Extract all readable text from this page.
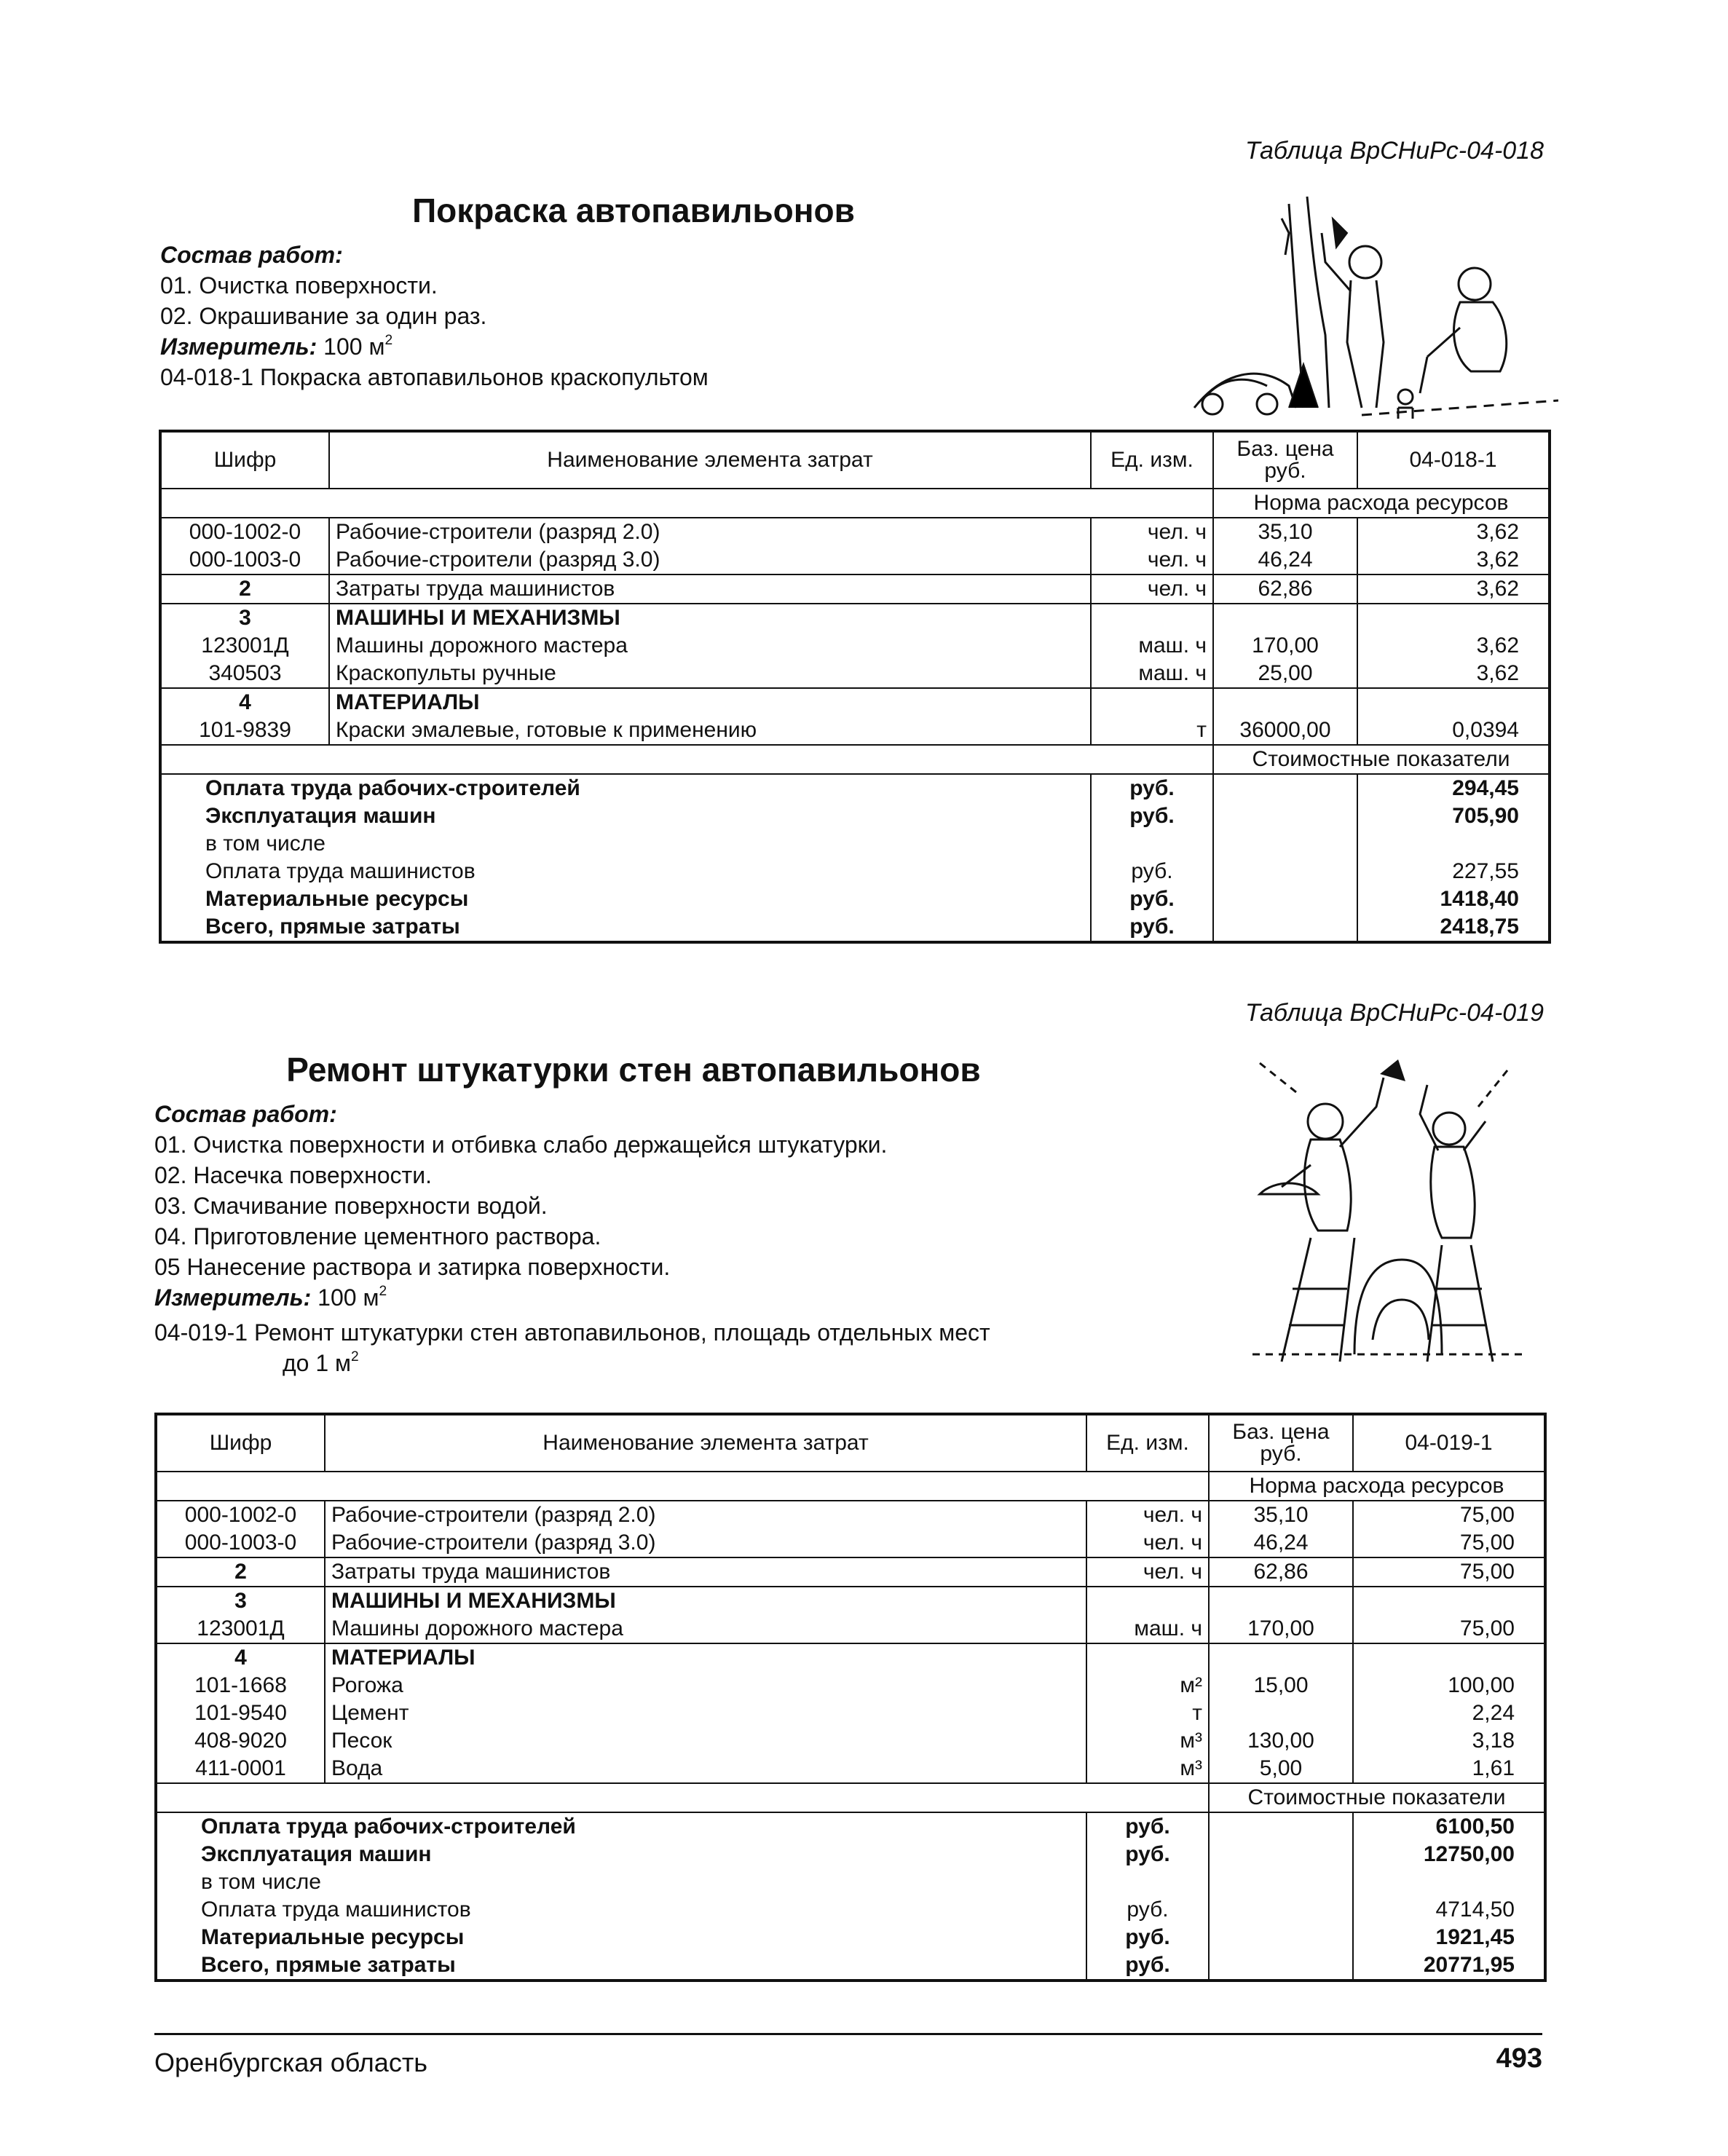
Таблица ВрСНиРс-04-018
Покраска автопавильонов
Состав работ:
01. Очистка поверхности.
02. Окрашивание за один раз.
Измеритель: 100 $м^2$
04-018-1 Покраска автопавильонов краскопультом
Шифр	Наименование элемента затрат	Ед. изм.	Баз. цена руб.	04-018-1
			Норма расхода ресурсов	
000-1002-0	Рабочие-строители (разряд 2.0)	чел. ч	35,10	3,62
000-1003-0	Рабочие-строители (разряд 3.0)	чел. ч	46,24	3,62
2	Затраты труда машинистов	чел. ч	62,86	3,62
3	МАШИНЫ И МЕХАНИЗМЫ			
123001Д	Машины дорожного мастера	маш. ч	170,00	3,62
340503	Краскопульты ручные	маш. ч	25,00	3,62
4	МАТЕРИАЛЫ			
101-9839	Краски эмалевые, готовые к применению	т	36000,00	0,0394
			Стоимостные показатели	
Оплата труда рабочих-строителей		руб.		294,45
Эксплуатация машин		руб.		705,90
в том числе				
Оплата труда машинистов		руб.		227,55
Материальные ресурсы		руб.		1418,40
Всего, прямые затраты		руб.		2418,75
Таблица ВрСНиРс-04-019
Ремонт штукатурки стен автопавильонов
Состав работ:
01. Очистка поверхности и отбивка слабо держащейся штукатурки.
02. Насечка поверхности.
03. Смачивание поверхности водой.
04. Приготовление цементного раствора.
05 Нанесение раствора и затирка поверхности.
Измеритель: 100 $м^2$
04-019-1 Ремонт штукатурки стен автопавильонов, площадь отдельных мест
до 1 $м^2$
Шифр	Наименование элемента затрат	Ед. изм.	Баз. цена руб.	04-019-1
			Норма расхода ресурсов	
000-1002-0	Рабочие-строители (разряд 2.0)	чел. ч	35,10	75,00
000-1003-0	Рабочие-строители (разряд 3.0)	чел. ч	46,24	75,00
2	Затраты труда машинистов	чел. ч	62,86	75,00
3	МАШИНЫ И МЕХАНИЗМЫ			
123001Д	Машины дорожного мастера	маш. ч	170,00	75,00
4	МАТЕРИАЛЫ			
101-1668	Рогожа	м²	15,00	100,00
101-9540	Цемент	т		2,24
408-9020	Песок	м³	130,00	3,18
411-0001	Вода	м³	5,00	1,61
			Стоимостные показатели	
Оплата труда рабочих-строителей		руб.		6100,50
Эксплуатация машин		руб.		12750,00
в том числе				
Оплата труда машинистов		руб.		4714,50
Материальные ресурсы		руб.		1921,45
Всего, прямые затраты		руб.		20771,95
Оренбургская область	493
